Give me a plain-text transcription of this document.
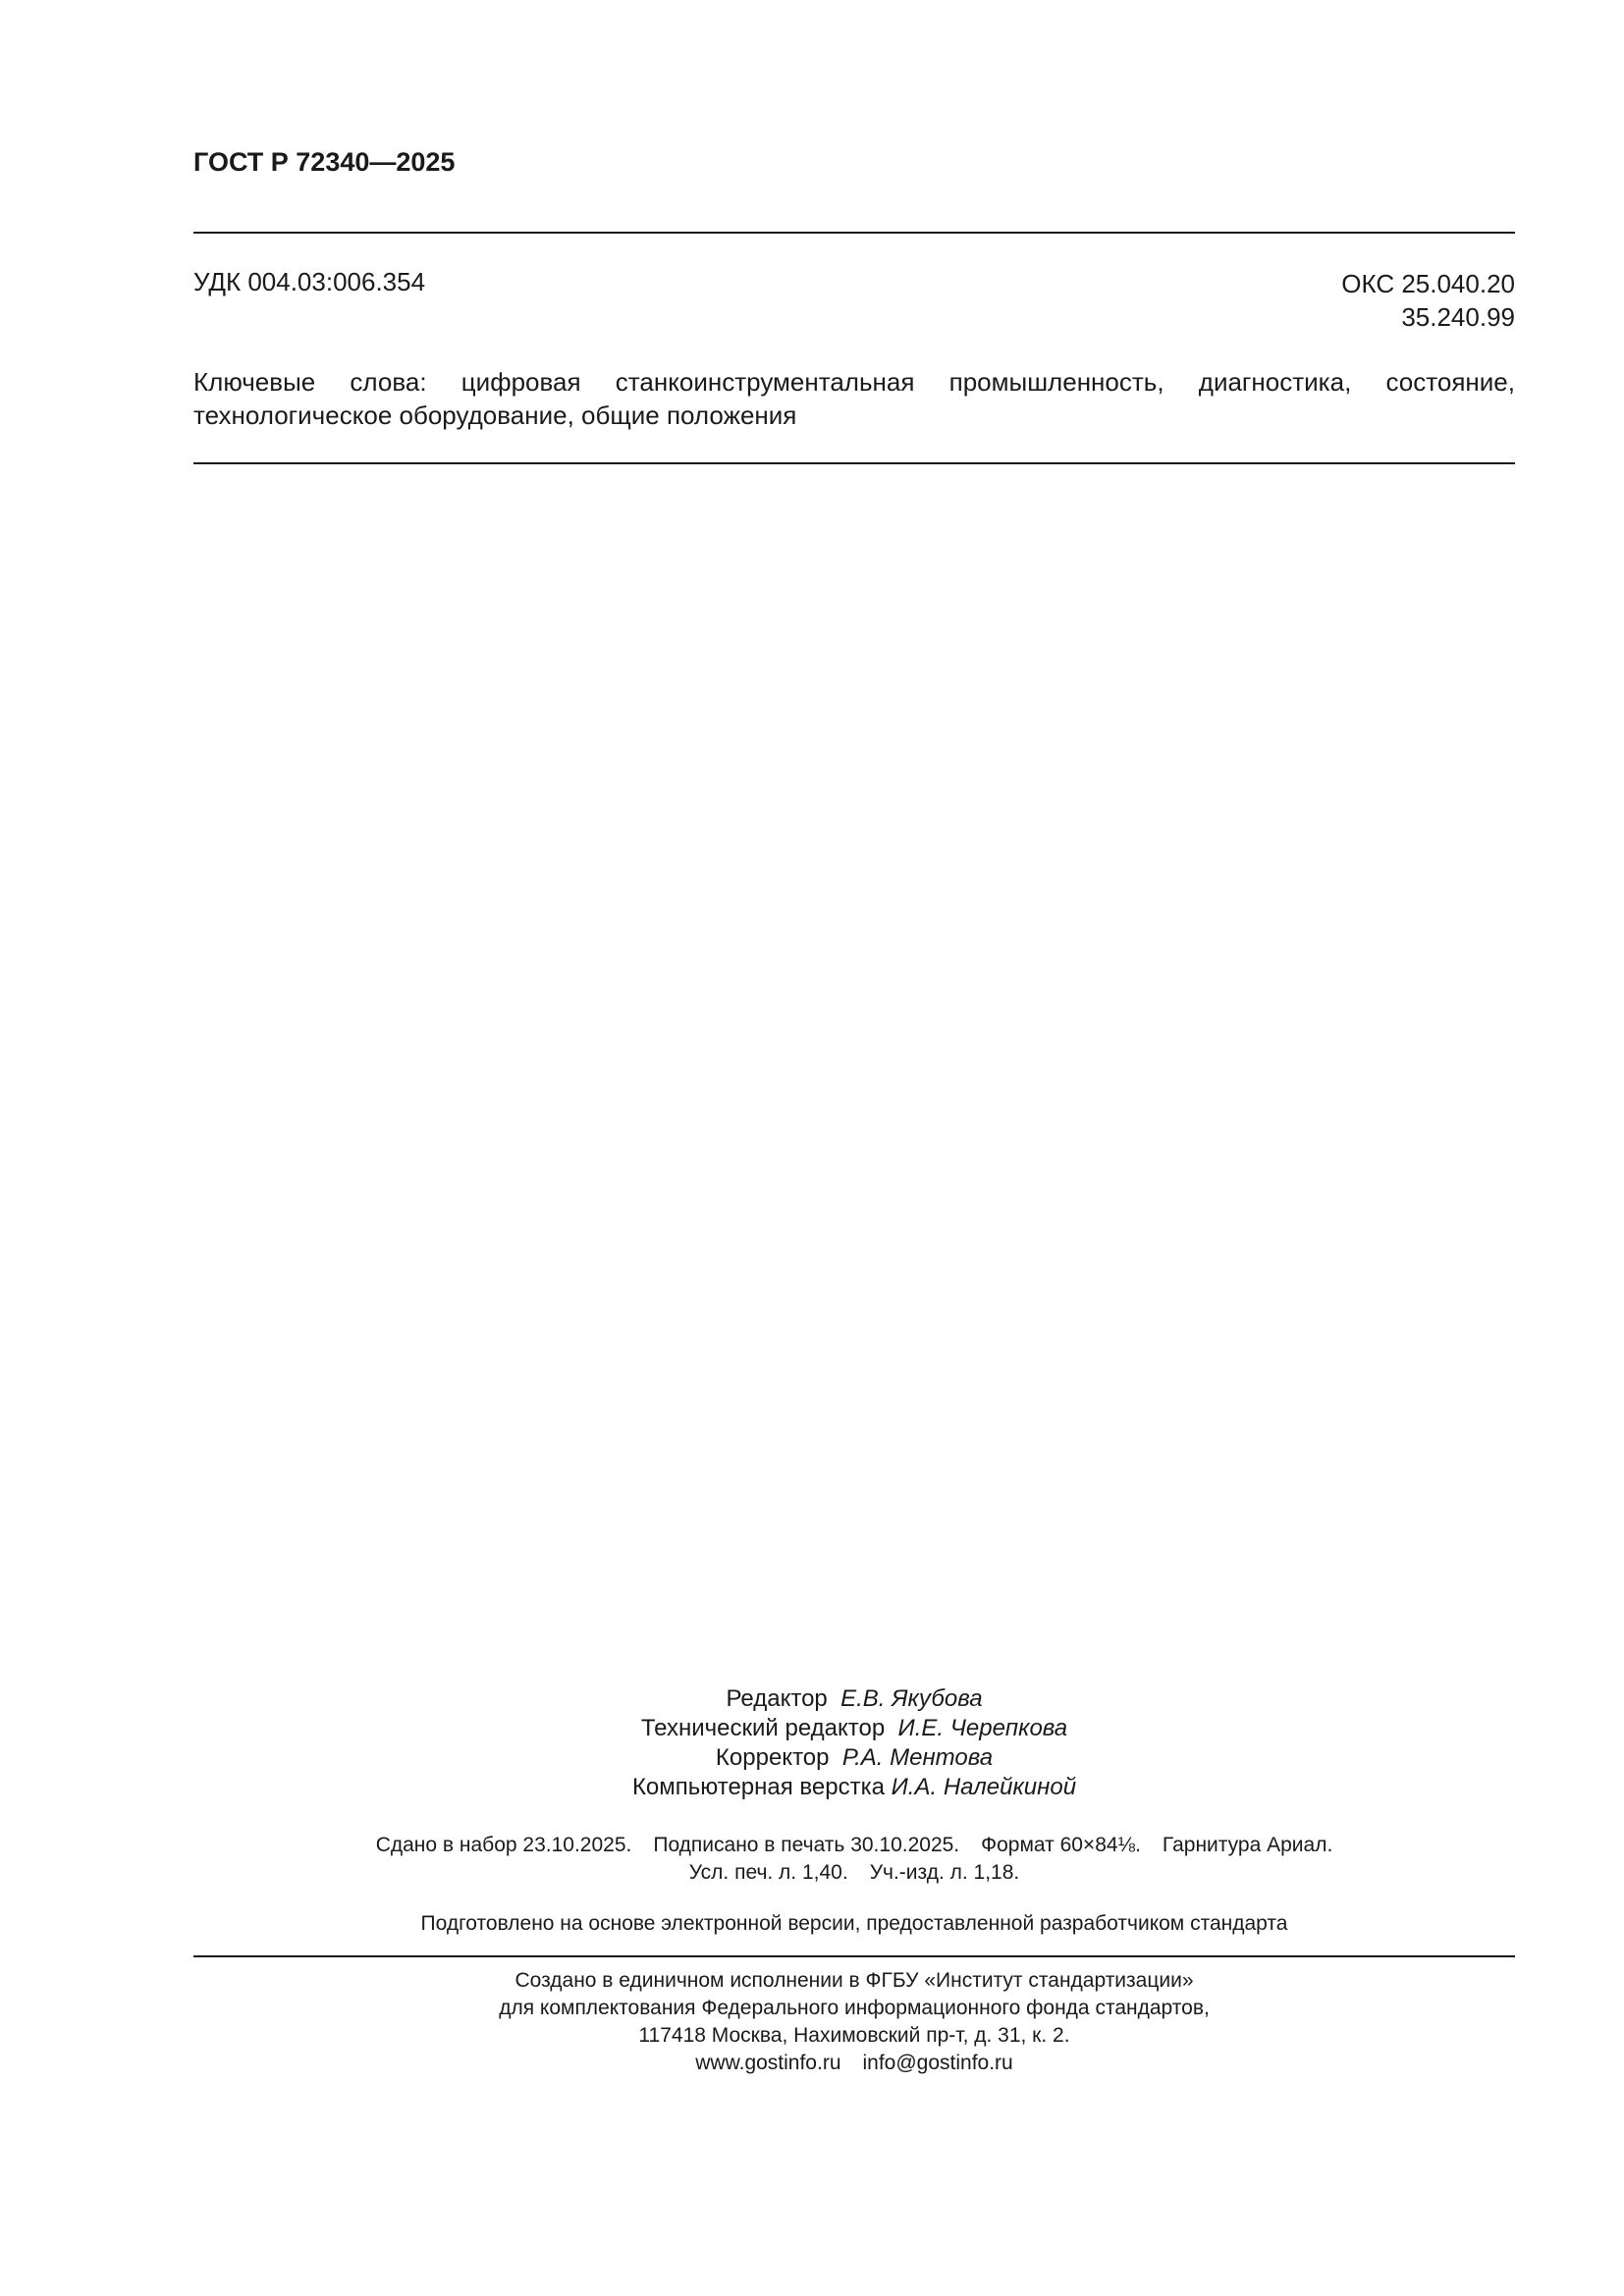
ГОСТ Р 72340—2025
УДК 004.03:006.354	ОКС 25.040.20
35.240.99
Ключевые слова: цифровая станкоинструментальная промышленность, диагностика, состояние, технологическое оборудование, общие положения
Редактор Е.В. Якубова
Технический редактор И.Е. Черепкова
Корректор Р.А. Ментова
Компьютерная верстка И.А. Налейкиной
Сдано в набор 23.10.2025. Подписано в печать 30.10.2025. Формат 60×84⅛. Гарнитура Ариал.
Усл. печ. л. 1,40. Уч.-изд. л. 1,18.
Подготовлено на основе электронной версии, предоставленной разработчиком стандарта
Создано в единичном исполнении в ФГБУ «Институт стандартизации»
для комплектования Федерального информационного фонда стандартов,
117418 Москва, Нахимовский пр-т, д. 31, к. 2.
www.gostinfo.ru info@gostinfo.ru
